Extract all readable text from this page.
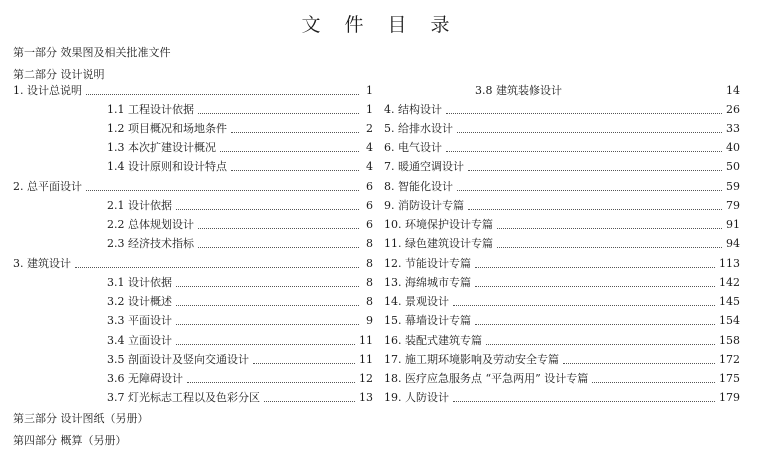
文 件 目 录
第一部分 效果图及相关批准文件
第二部分 设计说明
第三部分 设计图纸（另册）
第四部分 概算（另册）
1. 设计总说明	1
1.1 工程设计依据	1
1.2 项目概况和场地条件	2
1.3 本次扩建设计概况	4
1.4 设计原则和设计特点	4
2. 总平面设计	6
2.1 设计依据	6
2.2 总体规划设计	6
2.3 经济技术指标	8
3. 建筑设计	8
3.1 设计依据	8
3.2 设计概述	8
3.3 平面设计	9
3.4 立面设计	11
3.5 剖面设计及竖向交通设计	11
3.6 无障碍设计	12
3.7 灯光标志工程以及色彩分区	13
3.8 建筑装修设计	14
4. 结构设计	26
5. 给排水设计	33
6. 电气设计	40
7. 暖通空调设计	50
8. 智能化设计	59
9. 消防设计专篇	79
10. 环境保护设计专篇	91
11. 绿色建筑设计专篇	94
12. 节能设计专篇	113
13. 海绵城市专篇	142
14. 景观设计	145
15. 幕墙设计专篇	154
16. 装配式建筑专篇	158
17. 施工期环境影响及劳动安全专篇	172
18. 医疗应急服务点 “平急两用” 设计专篇	175
19. 人防设计	179
